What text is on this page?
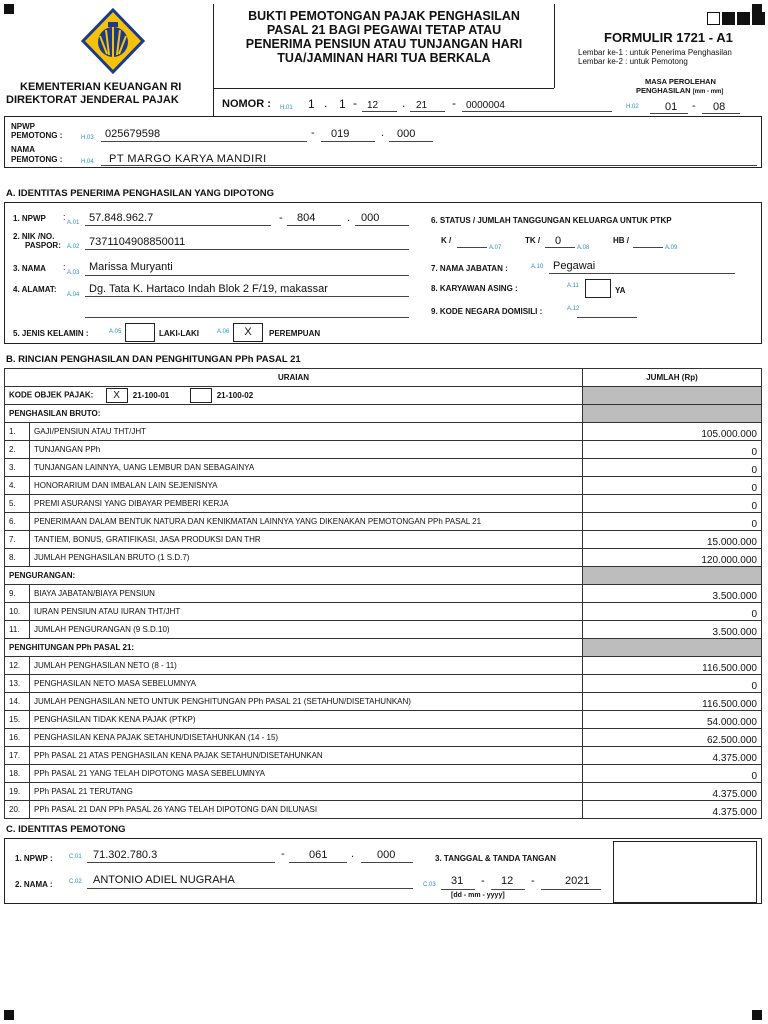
KEMENTERIAN KEUANGAN RI
DIREKTORAT JENDERAL PAJAK
BUKTI PEMOTONGAN PAJAK PENGHASILAN
PASAL 21 BAGI PEGAWAI TETAP ATAU
PENERIMA PENSIUN ATAU TUNJANGAN HARI
TUA/JAMINAN HARI TUA BERKALA
FORMULIR 1721 - A1
Lembar ke-1 : untuk Penerima Penghasilan
Lembar ke-2 : untuk Pemotong
MASA PEROLEHAN
PENGHASILAN [mm - mm]
H.02 01 - 08
NOMOR : H.01 1 . 1 - 12 . 21 - 0000004
NPWP
PEMOTONG :	H.03 025679598	- 019	. 000
NAMA
PEMOTONG :	H.04 PT MARGO KARYA MANDIRI
A. IDENTITAS PENERIMA PENGHASILAN YANG DIPOTONG
1. NPWP :
A.01 57.848.962.7	- 804	. 000
2. NIK /NO.
PASPOR: A.02 7371104908850011
3. NAMA :
A.03 Marissa Muryanti
4. ALAMAT:
A.04 Dg. Tata K. Hartaco Indah Blok 2 F/19, makassar
5. JENIS KELAMIN :	A.05	LAKI-LAKI	A.06	X	PEREMPUAN
6. STATUS / JUMLAH TANGGUNGAN KELUARGA UNTUK PTKP
K /
A.07
TK / 0
A.08
HB /
A.09
7. NAMA JABATAN :	A.10 Pegawai
8. KARYAWAN ASING :	A.11	YA
9. KODE NEGARA DOMISILI :	A.12
B. RINCIAN PENGHASILAN DAN PENGHITUNGAN PPh PASAL 21
URAIAN		JUMLAH (Rp)
KODE OBJEK PAJAK: X 21-100-01 21-100-02		
PENGHASILAN BRUTO:		
1.	GAJI/PENSIUN ATAU THT/JHT	105.000.000
2.	TUNJANGAN PPh	0
3.	TUNJANGAN LAINNYA, UANG LEMBUR DAN SEBAGAINYA	0
4.	HONORARIUM DAN IMBALAN LAIN SEJENISNYA	0
5.	PREMI ASURANSI YANG DIBAYAR PEMBERI KERJA	0
6.	PENERIMAAN DALAM BENTUK NATURA DAN KENIKMATAN LAINNYA YANG DIKENAKAN PEMOTONGAN PPh PASAL 21	0
7.	TANTIEM, BONUS, GRATIFIKASI, JASA PRODUKSI DAN THR	15.000.000
8.	JUMLAH PENGHASILAN BRUTO (1 S.D.7)	120.000.000
PENGURANGAN:		
9.	BIAYA JABATAN/BIAYA PENSIUN	3.500.000
10.	IURAN PENSIUN ATAU IURAN THT/JHT	0
11.	JUMLAH PENGURANGAN (9 S.D.10)	3.500.000
PENGHITUNGAN PPh PASAL 21:		
12.	JUMLAH PENGHASILAN NETO (8 - 11)	116.500.000
13.	PENGHASILAN NETO MASA SEBELUMNYA	0
14.	JUMLAH PENGHASILAN NETO UNTUK PENGHITUNGAN PPh PASAL 21 (SETAHUN/DISETAHUNKAN)	116.500.000
15.	PENGHASILAN TIDAK KENA PAJAK (PTKP)	54.000.000
16.	PENGHASILAN KENA PAJAK SETAHUN/DISETAHUNKAN (14 - 15)	62.500.000
17.	PPh PASAL 21 ATAS PENGHASILAN KENA PAJAK SETAHUN/DISETAHUNKAN	4.375.000
18.	PPh PASAL 21 YANG TELAH DIPOTONG MASA SEBELUMNYA	0
19.	PPh PASAL 21 TERUTANG	4.375.000
20.	PPh PASAL 21 DAN PPh PASAL 26 YANG TELAH DIPOTONG DAN DILUNASI	4.375.000
C. IDENTITAS PEMOTONG
1. NPWP :	C.01 71.302.780.3	- 061 . 000
2. NAMA :	C.02 ANTONIO ADIEL NUGRAHA
3. TANGGAL & TANDA TANGAN
C.03 31 - 12 -	2021
[dd - mm - yyyy]
